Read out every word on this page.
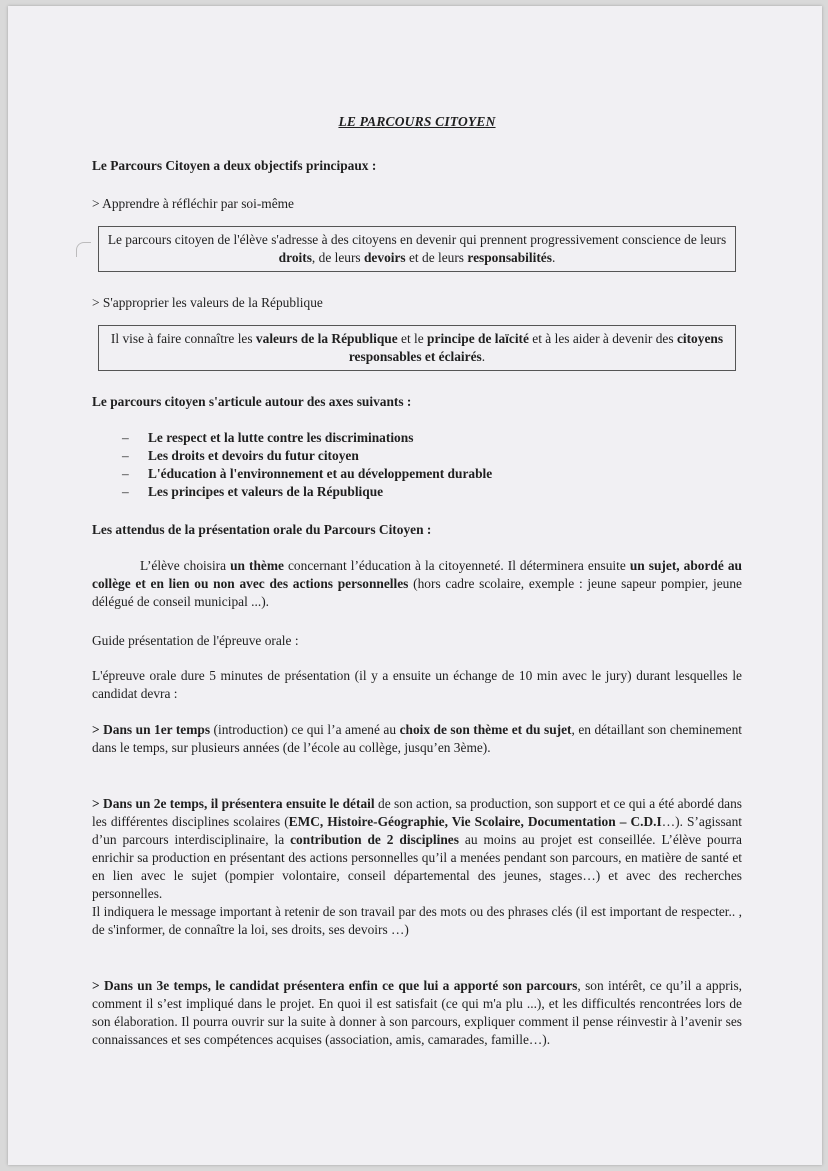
LE PARCOURS CITOYEN

Le Parcours Citoyen a deux objectifs principaux :

> Apprendre à réfléchir par soi-même

Le parcours citoyen de l'élève s'adresse à des citoyens en devenir qui prennent progressivement conscience de leurs droits, de leurs devoirs et de leurs responsabilités.

> S'approprier les valeurs de la République

Il vise à faire connaître les valeurs de la République et le principe de laïcité et à les aider à devenir des citoyens responsables et éclairés.

Le parcours citoyen s'articule autour des axes suivants :

– Le respect et la lutte contre les discriminations
– Les droits et devoirs du futur citoyen
– L'éducation à l'environnement et au développement durable
– Les principes et valeurs de la République

Les attendus de la présentation orale du Parcours Citoyen :

L’élève choisira un thème concernant l’éducation à la citoyenneté. Il déterminera ensuite un sujet, abordé au collège et en lien ou non avec des actions personnelles (hors cadre scolaire, exemple : jeune sapeur pompier, jeune délégué de conseil municipal ...).

Guide présentation de l'épreuve orale :

L'épreuve orale dure 5 minutes de présentation (il y a ensuite un échange de 10 min avec le jury) durant lesquelles le candidat devra :

> Dans un 1er temps (introduction) ce qui l’a amené au choix de son thème et du sujet, en détaillant son cheminement dans le temps, sur plusieurs années (de l’école au collège, jusqu’en 3ème).

> Dans un 2e temps, il présentera ensuite le détail de son action, sa production, son support et ce qui a été abordé dans les différentes disciplines scolaires (EMC, Histoire-Géographie, Vie Scolaire, Documentation – C.D.I…). S’agissant d’un parcours interdisciplinaire, la contribution de 2 disciplines au moins au projet est conseillée. L’élève pourra enrichir sa production en présentant des actions personnelles qu’il a menées pendant son parcours, en matière de santé et en lien avec le sujet (pompier volontaire, conseil départemental des jeunes, stages…) et avec des recherches personnelles.
Il indiquera le message important à retenir de son travail par des mots ou des phrases clés (il est important de respecter.. , de s'informer, de connaître la loi, ses droits, ses devoirs …)

> Dans un 3e temps, le candidat présentera enfin ce que lui a apporté son parcours, son intérêt, ce qu’il a appris, comment il s’est impliqué dans le projet. En quoi il est satisfait (ce qui m'a plu ...), et les difficultés rencontrées lors de son élaboration. Il pourra ouvrir sur la suite à donner à son parcours, expliquer comment il pense réinvestir à l’avenir ses connaissances et ses compétences acquises (association, amis, camarades, famille…).
